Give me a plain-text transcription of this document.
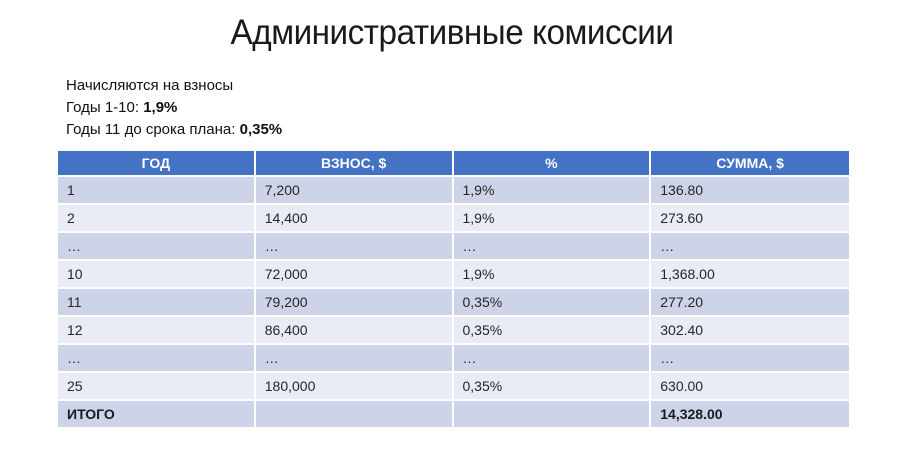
Административные комиссии
Начисляются на взносы
Годы 1-10: 1,9%
Годы 11 до срока плана: 0,35%
ГОД	ВЗНОС, $	%	СУММА, $
1	7,200	1,9%	136.80
2	14,400	1,9%	273.60
…	…	…	…
10	72,000	1,9%	1,368.00
11	79,200	0,35%	277.20
12	86,400	0,35%	302.40
…	…	…	…
25	180,000	0,35%	630.00
ИТОГО			14,328.00
